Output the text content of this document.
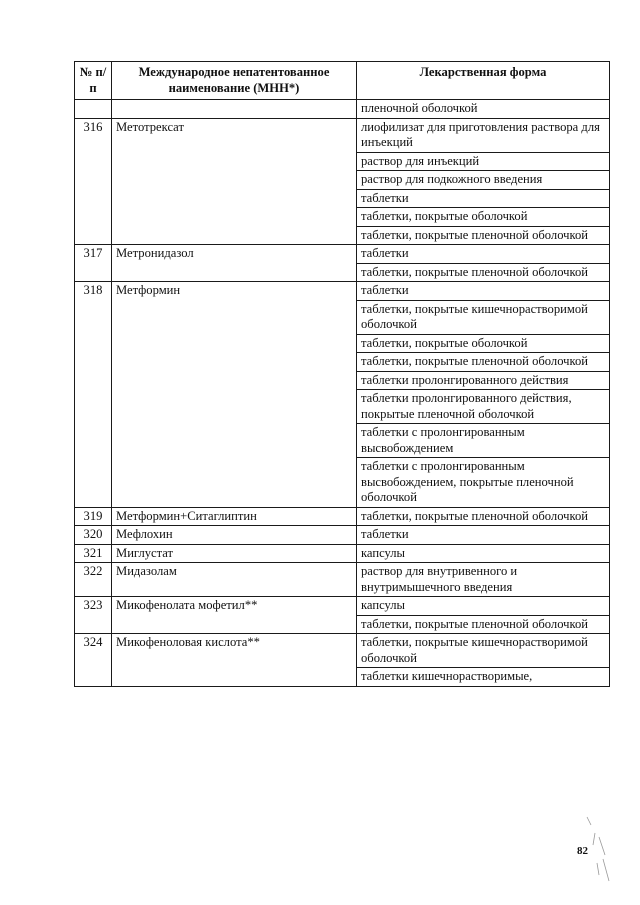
№ п/п	Международное непатентованное наименование (МНН*)	Лекарственная форма
		пленочной оболочкой
316	Метотрексат	лиофилизат для приготовления раствора для инъекций
		раствор для инъекций
		раствор для подкожного введения
		таблетки
		таблетки, покрытые оболочкой
		таблетки, покрытые пленочной оболочкой
317	Метронидазол	таблетки
		таблетки, покрытые пленочной оболочкой
318	Метформин	таблетки
		таблетки, покрытые кишечнорастворимой оболочкой
		таблетки, покрытые оболочкой
		таблетки, покрытые пленочной оболочкой
		таблетки пролонгированного действия
		таблетки пролонгированного действия, покрытые пленочной оболочкой
		таблетки с пролонгированным высвобождением
		таблетки с пролонгированным высвобождением, покрытые пленочной оболочкой
319	Метформин+Ситаглиптин	таблетки, покрытые пленочной оболочкой
320	Мефлохин	таблетки
321	Миглустат	капсулы
322	Мидазолам	раствор для внутривенного и внутримышечного введения
323	Микофенолата мофетил**	капсулы
		таблетки, покрытые пленочной оболочкой
324	Микофеноловая кислота**	таблетки, покрытые кишечнорастворимой оболочкой
		таблетки кишечнорастворимые,
82
